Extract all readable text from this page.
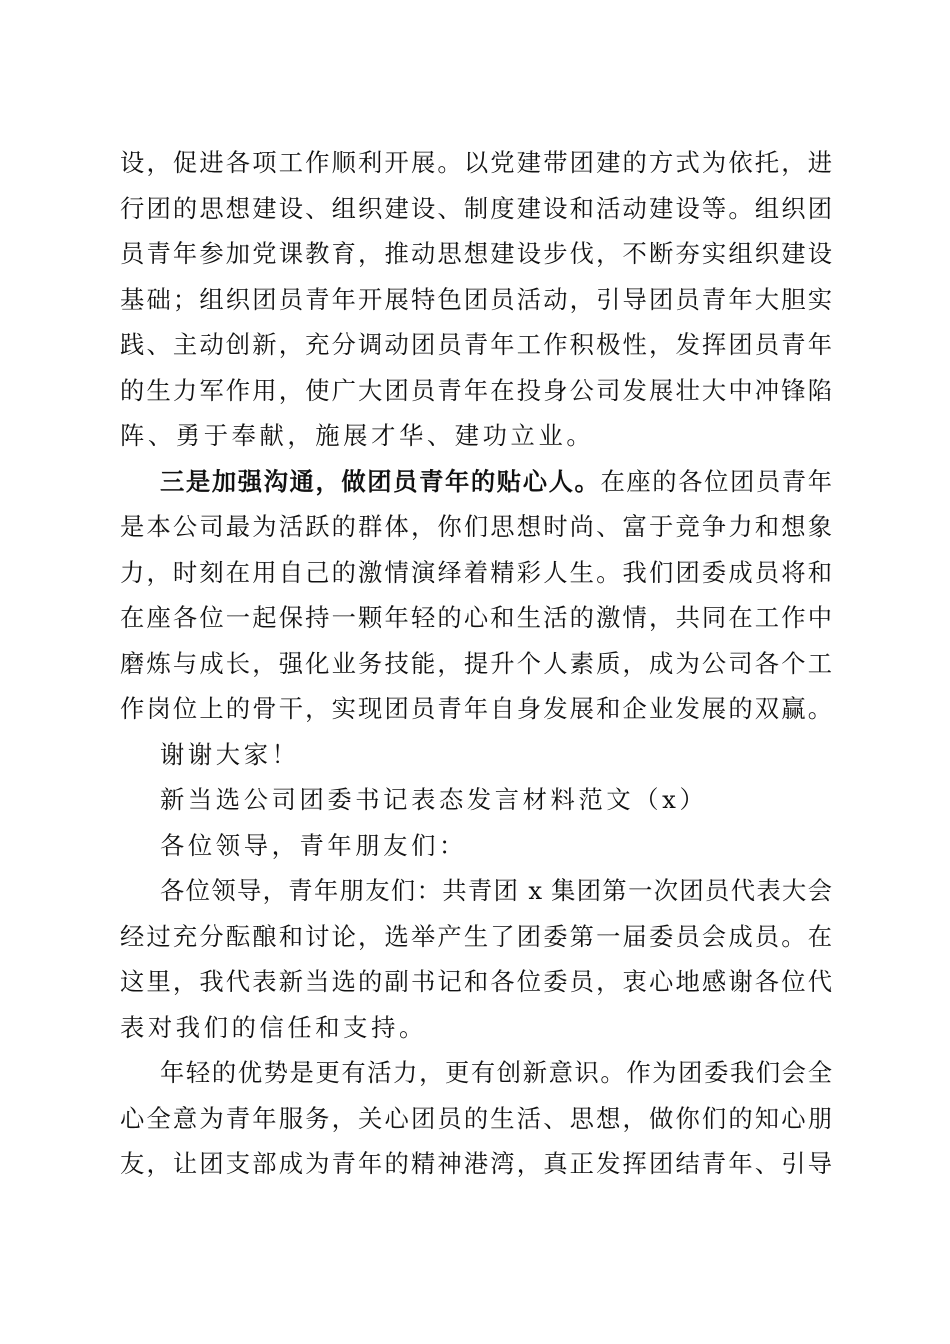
设，促进各项工作顺利开展。以党建带团建的方式为依托，进
行团的思想建设、组织建设、制度建设和活动建设等。组织团
员青年参加党课教育，推动思想建设步伐，不断夯实组织建设
基础；组织团员青年开展特色团员活动，引导团员青年大胆实
践、主动创新，充分调动团员青年工作积极性，发挥团员青年
的生力军作用，使广大团员青年在投身公司发展壮大中冲锋陷
阵、勇于奉献，施展才华、建功立业。
三是加强沟通，做团员青年的贴心人。在座的各位团员青年
是本公司最为活跃的群体，你们思想时尚、富于竞争力和想象
力，时刻在用自己的激情演绎着精彩人生。我们团委成员将和
在座各位一起保持一颗年轻的心和生活的激情，共同在工作中
磨炼与成长，强化业务技能，提升个人素质，成为公司各个工
作岗位上的骨干，实现团员青年自身发展和企业发展的双赢。
谢谢大家！
新当选公司团委书记表态发言材料范文（x）
各位领导，青年朋友们：
各位领导，青年朋友们：共青团 x 集团第一次团员代表大会
经过充分酝酿和讨论，选举产生了团委第一届委员会成员。在
这里，我代表新当选的副书记和各位委员，衷心地感谢各位代
表对我们的信任和支持。
年轻的优势是更有活力，更有创新意识。作为团委我们会全
心全意为青年服务，关心团员的生活、思想，做你们的知心朋
友，让团支部成为青年的精神港湾，真正发挥团结青年、引导
